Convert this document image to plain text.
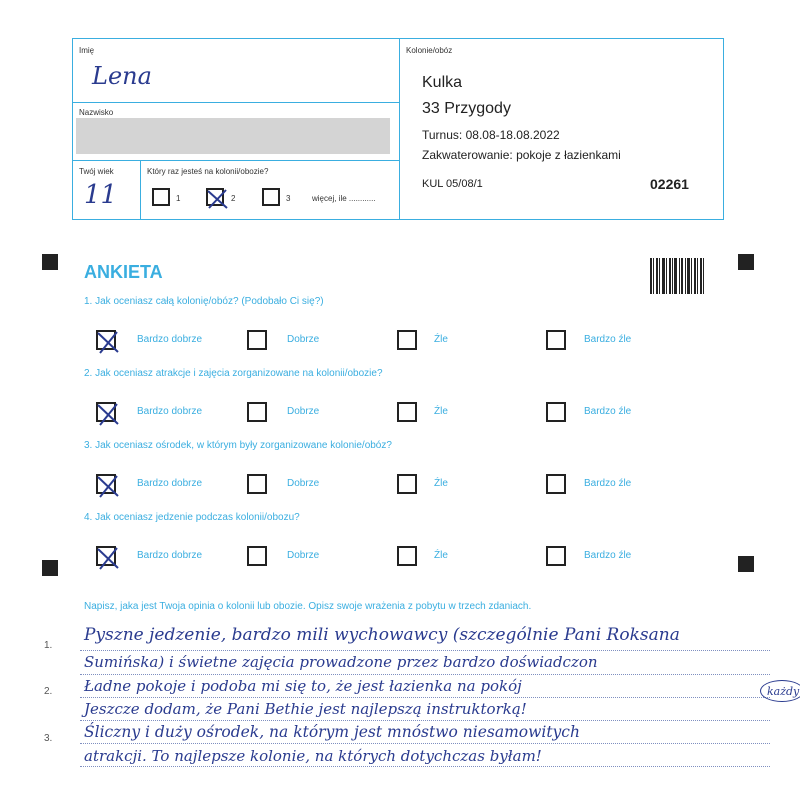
Imię
Lena
Nazwisko
Twój wiek
11
Który raz jesteś na kolonii/obozie?
1	2	3	więcej, ile ............
Kolonie/obóz
Kulka
33 Przygody
Turnus: 08.08-18.08.2022
Zakwaterowanie: pokoje z łazienkami
KUL 05/08/1	02261
ANKIETA
1. Jak oceniasz całą kolonię/obóz? (Podobało Ci się?)
Bardzo dobrze	Dobrze	Źle	Bardzo źle
2. Jak oceniasz atrakcje i zajęcia zorganizowane na kolonii/obozie?
Bardzo dobrze	Dobrze	Źle	Bardzo źle
3. Jak oceniasz ośrodek, w którym były zorganizowane kolonie/obóz?
Bardzo dobrze	Dobrze	Źle	Bardzo źle
4. Jak oceniasz jedzenie podczas kolonii/obozu?
Bardzo dobrze	Dobrze	Źle	Bardzo źle
Napisz, jaka jest Twoja opinia o kolonii lub obozie. Opisz swoje wrażenia z pobytu w trzech zdaniach.
1.
2.
3.
Pyszne jedzenie, bardzo mili wychowawcy (szczególnie Pani Roksana
Sumińska) i świetne zajęcia prowadzone przez bardzo doświadczon
Ładne pokoje i podoba mi się to, że jest łazienka na pokój
Jeszcze dodam, że Pani Bethie jest najlepszą instruktorką!
Śliczny i duży ośrodek, na którym jest mnóstwo niesamowitych
atrakcji. To najlepsze kolonie, na których dotychczas byłam!
każdy
